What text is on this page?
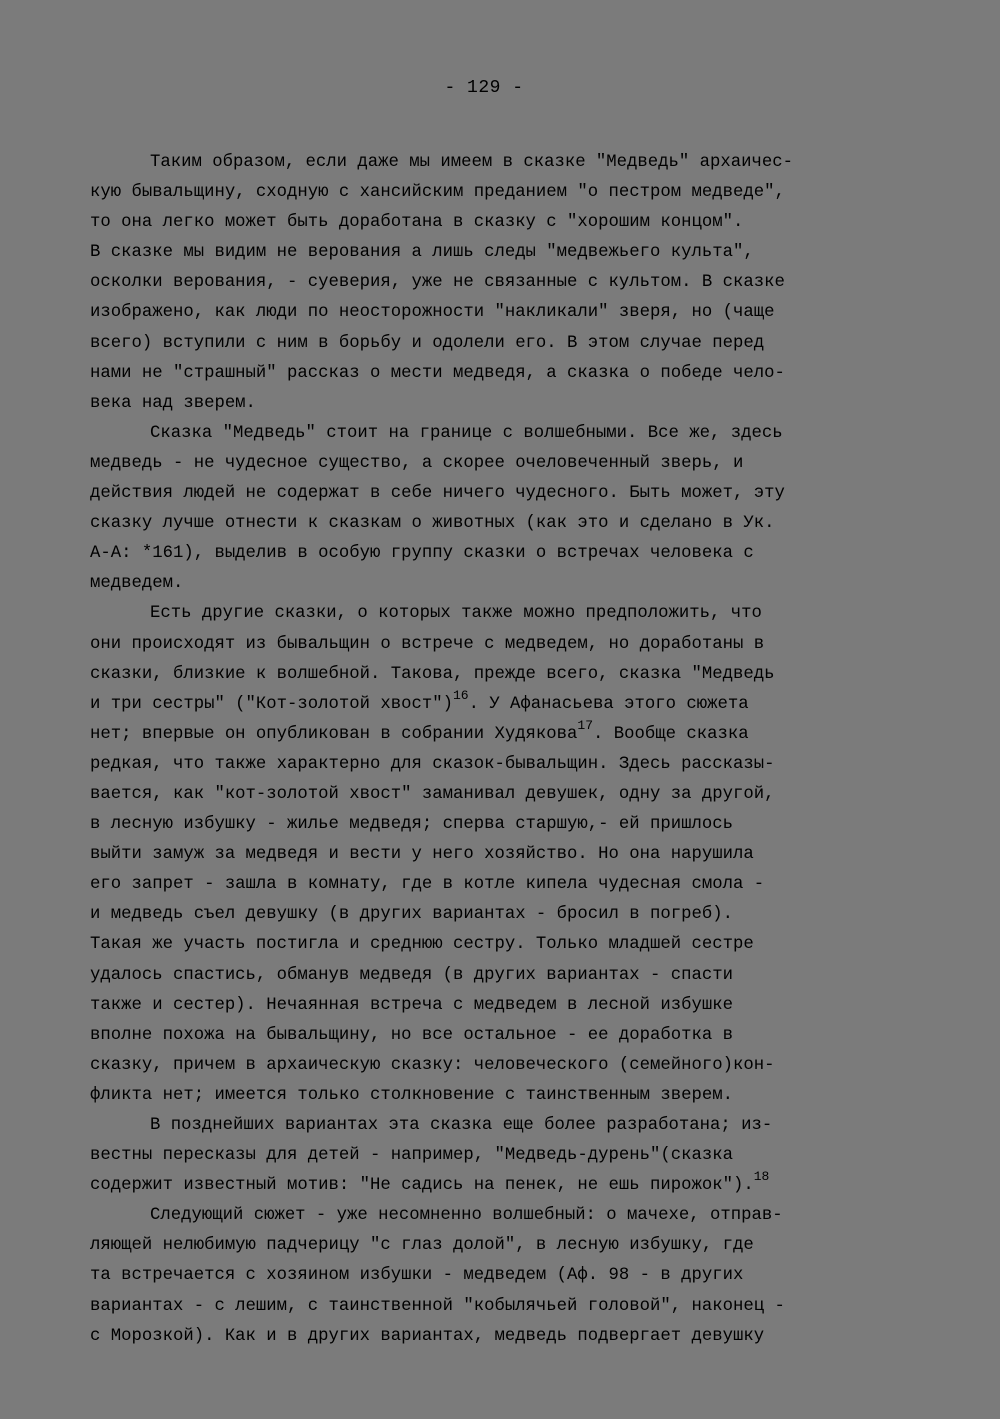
- 129 -
Таким образом, если даже мы имеем в сказке "Медведь" архаичес-
кую бывальщину, сходную с хансийским преданием "о пестром медведе",
то она легко может быть доработана в сказку с "хорошим концом".
В сказке мы видим не верования а лишь следы "медвежьего культа",
осколки верования, - суеверия, уже не связанные с культом. В сказке
изображено, как люди по неосторожности "накликали" зверя, но (чаще
всего) вступили с ним в борьбу и одолели его. В этом случае перед
нами не "страшный" рассказ о мести медведя, а сказка о победе чело-
века над зверем.
Сказка "Медведь" стоит на границе с волшебными. Все же, здесь
медведь - не чудесное существо, а скорее очеловеченный зверь, и
действия людей не содержат в себе ничего чудесного. Быть может, эту
сказку лучше отнести к сказкам о животных (как это и сделано в Ук.
А-А: *161), выделив в особую группу сказки о встречах человека с
медведем.
Есть другие сказки, о которых также можно предположить, что
они происходят из бывальщин о встрече с медведем, но доработаны в
сказки, близкие к волшебной. Такова, прежде всего, сказка "Медведь
и три сестры" ("Кот-золотой хвост")$^{16}$. У Афанасьева этого сюжета
нет; впервые он опубликован в собрании Худякова$^{17}$. Вообще сказка
редкая, что также характерно для сказок-бывальщин. Здесь рассказы-
вается, как "кот-золотой хвост" заманивал девушек, одну за другой,
в лесную избушку - жилье медведя; сперва старшую,- ей пришлось
выйти замуж за медведя и вести у него хозяйство. Но она нарушила
его запрет - зашла в комнату, где в котле кипела чудесная смола -
и медведь съел девушку (в других вариантах - бросил в погреб).
Такая же участь постигла и среднюю сестру. Только младшей сестре
удалось спастись, обманув медведя (в других вариантах - спасти
также и сестер). Нечаянная встреча с медведем в лесной избушке
вполне похожа на бывальщину, но все остальное - ее доработка в
сказку, причем в архаическую сказку: человеческого (семейного)кон-
фликта нет; имеется только столкновение с таинственным зверем.
В позднейших вариантах эта сказка еще более разработана; из-
вестны пересказы для детей - например, "Медведь-дурень"(сказка
содержит известный мотив: "Не садись на пенек, не ешь пирожок").$^{18}$
Следующий сюжет - уже несомненно волшебный: о мачехе, отправ-
ляющей нелюбимую падчерицу "с глаз долой", в лесную избушку, где
та встречается с хозяином избушки - медведем (Аф. 98 - в других
вариантах - с лешим, с таинственной "кобылячьей головой", наконец -
с Морозкой). Как и в других вариантах, медведь подвергает девушку
